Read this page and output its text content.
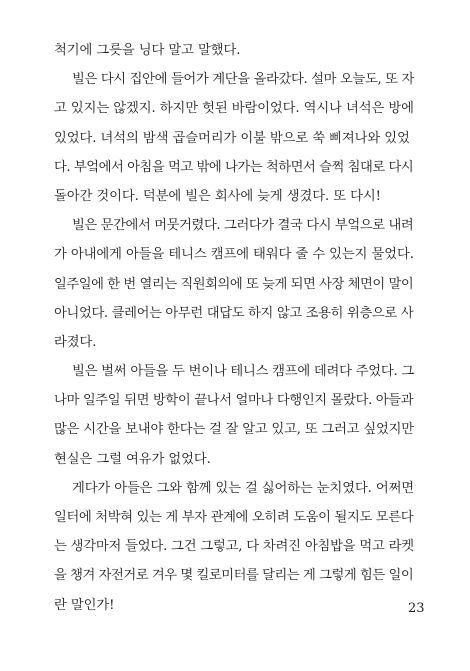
척기에 그릇을 닝다 말고 말했다.
빌은 다시 집안에 들어가 계단을 올라갔다. 설마 오늘도, 또 자
고 있지는 않겠지. 하지만 헛된 바람이었다. 역시나 녀석은 방에
있었다. 녀석의 밤색 곱슬머리가 이불 밖으로 쑥 삐져나와 있었
다. 부엌에서 아침을 먹고 밖에 나가는 척하면서 슬쩍 침대로 다시
돌아간 것이다. 덕분에 빌은 회사에 늦게 생겼다. 또 다시!
빌은 문간에서 머뭇거렸다. 그러다가 결국 다시 부엌으로 내려
가 아내에게 아들을 테니스 캠프에 태워다 줄 수 있는지 물었다.
일주일에 한 번 열리는 직원회의에 또 늦게 되면 사장 체면이 말이
아니었다. 클레어는 아무런 대답도 하지 않고 조용히 위층으로 사
라졌다.
빌은 벌써 아들을 두 번이나 테니스 캠프에 데려다 주었다. 그
나마 일주일 뒤면 방학이 끝나서 얼마나 다행인지 몰랐다. 아들과
많은 시간을 보내야 한다는 걸 잘 알고 있고, 또 그러고 싶었지만
현실은 그럴 여유가 없었다.
게다가 아들은 그와 함께 있는 걸 싫어하는 눈치였다. 어쩌면
일터에 처박혀 있는 게 부자 관계에 오히려 도움이 될지도 모른다
는 생각마저 들었다. 그건 그렇고, 다 차려진 아침밥을 먹고 라켓
을 챙겨 자전거로 겨우 몇 킬로미터를 달리는 게 그렇게 힘든 일이
란 말인가!	23
